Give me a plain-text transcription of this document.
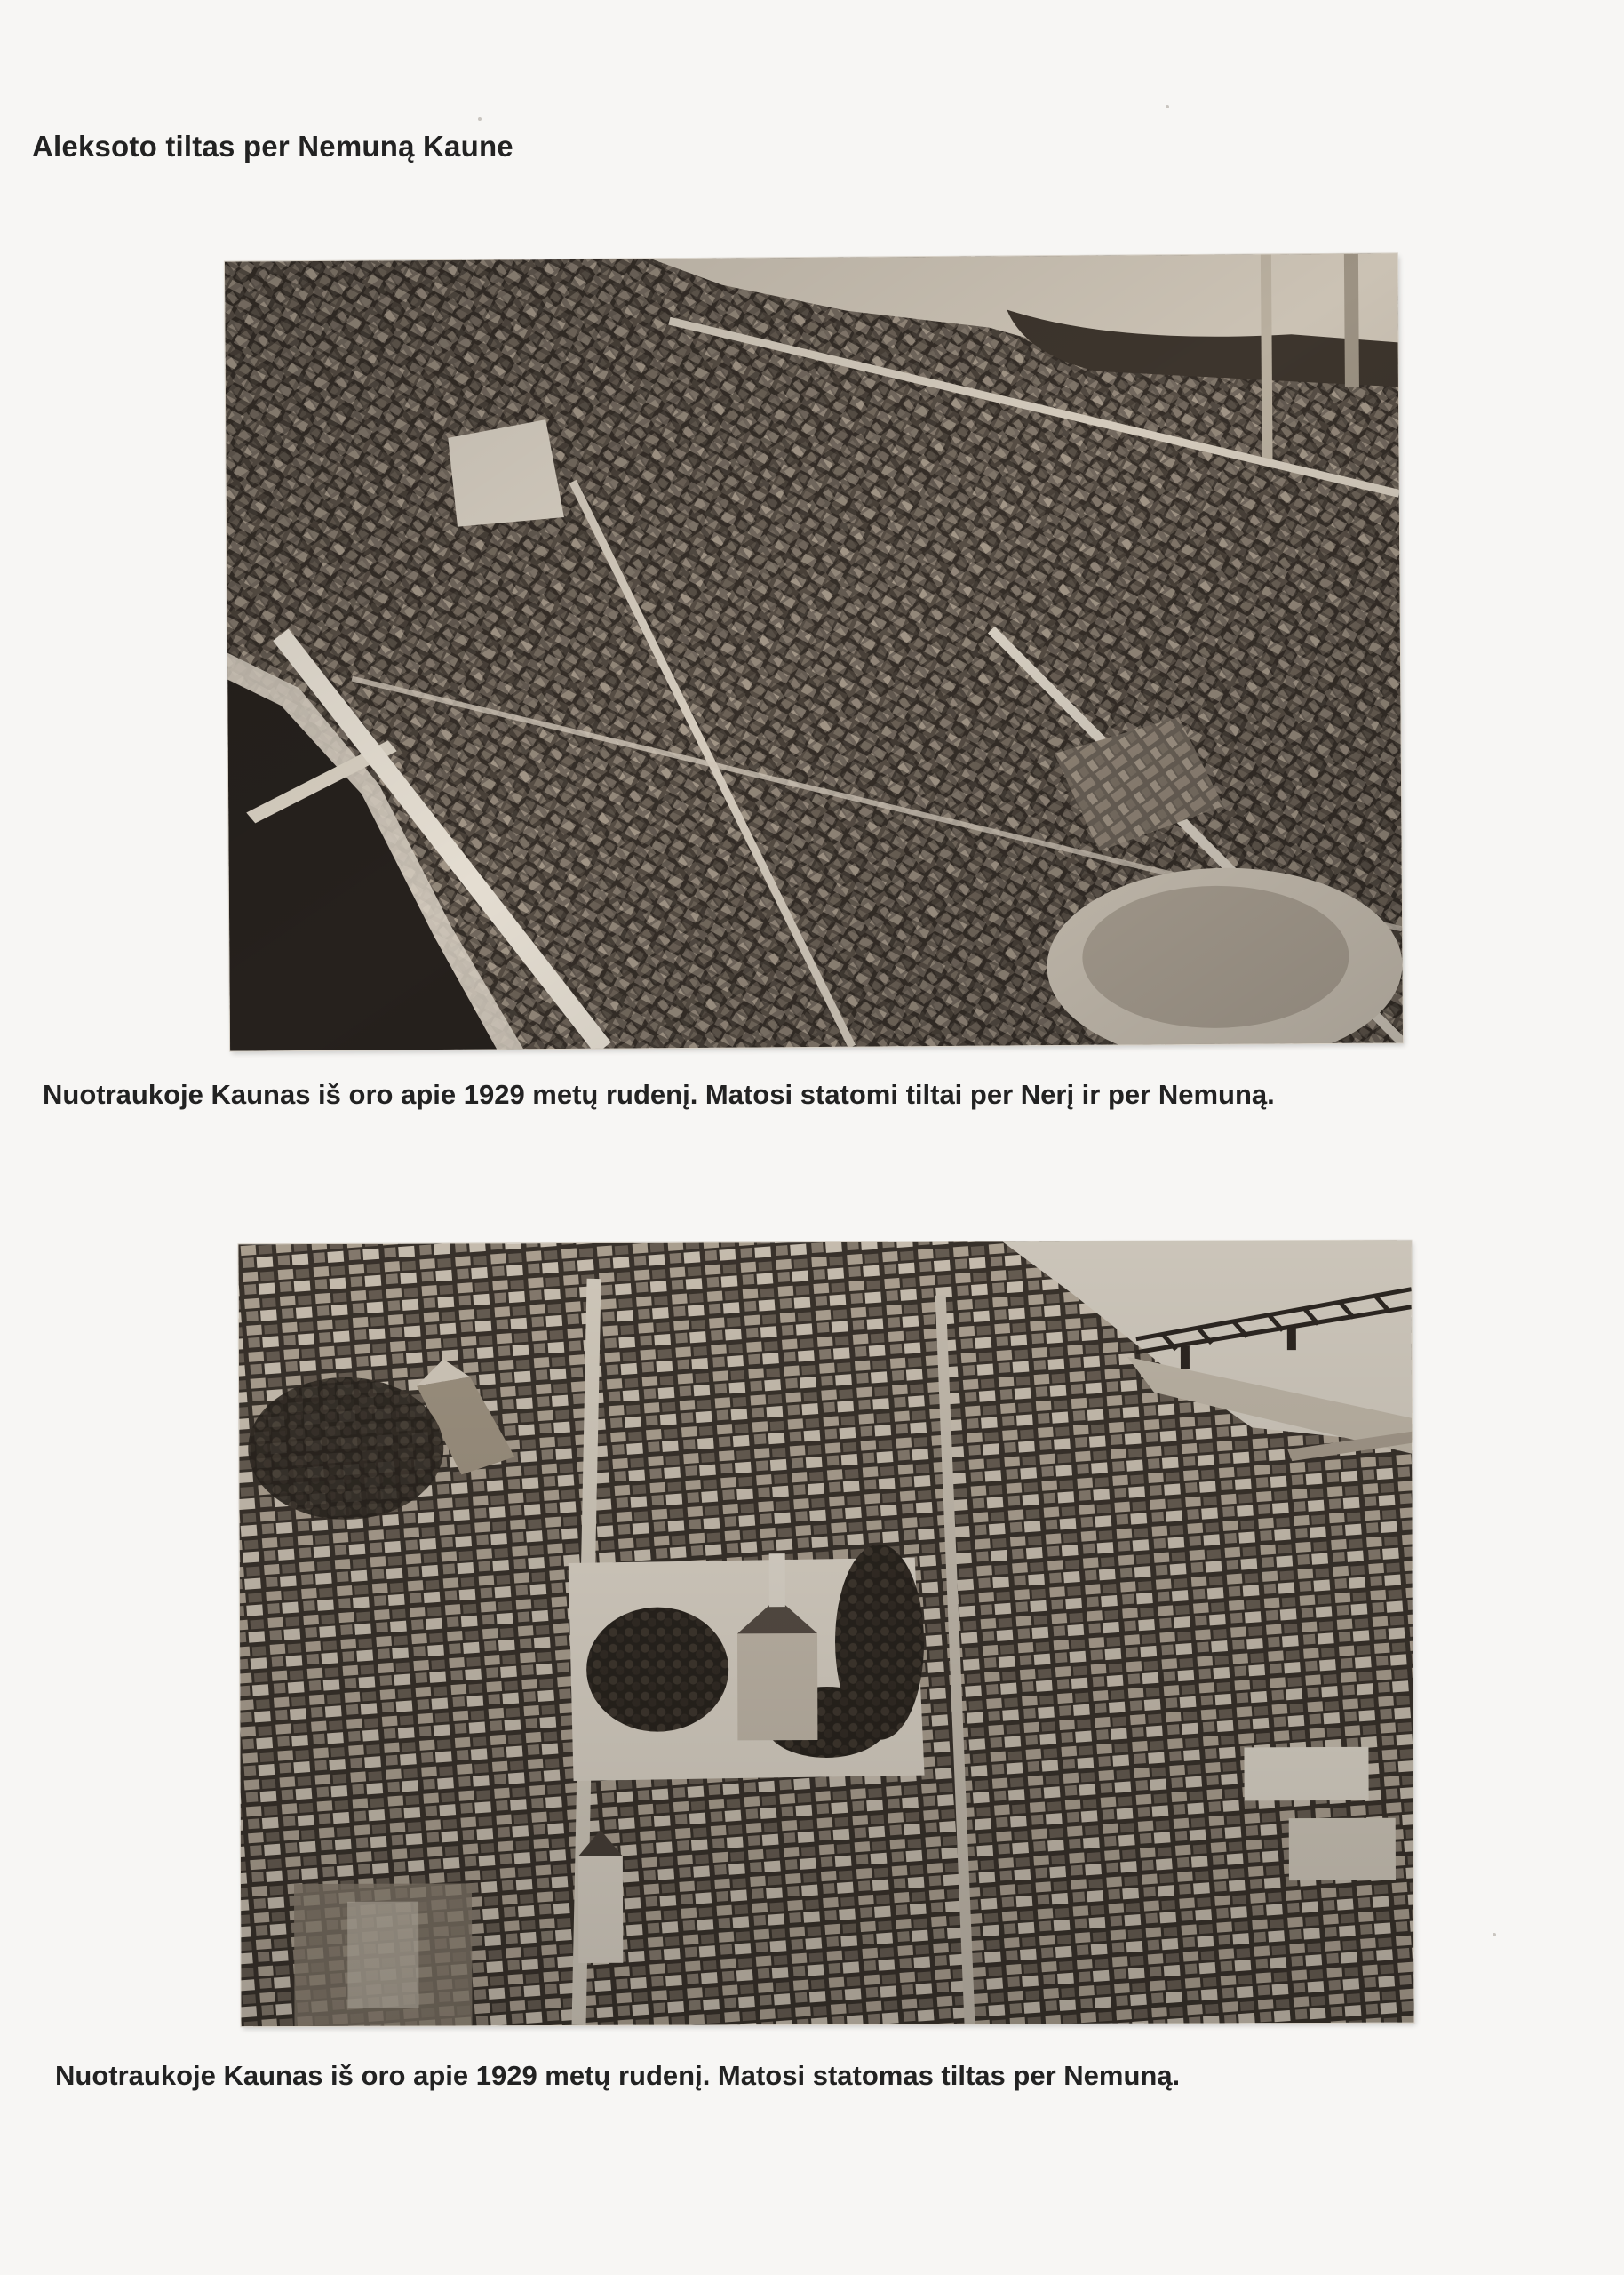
Aleksoto tiltas per Nemuną Kaune
Nuotraukoje Kaunas iš oro apie 1929 metų rudenį. Matosi statomi tiltai per Nerį ir per Nemuną.
Nuotraukoje Kaunas iš oro apie 1929 metų rudenį. Matosi statomas tiltas per Nemuną.
